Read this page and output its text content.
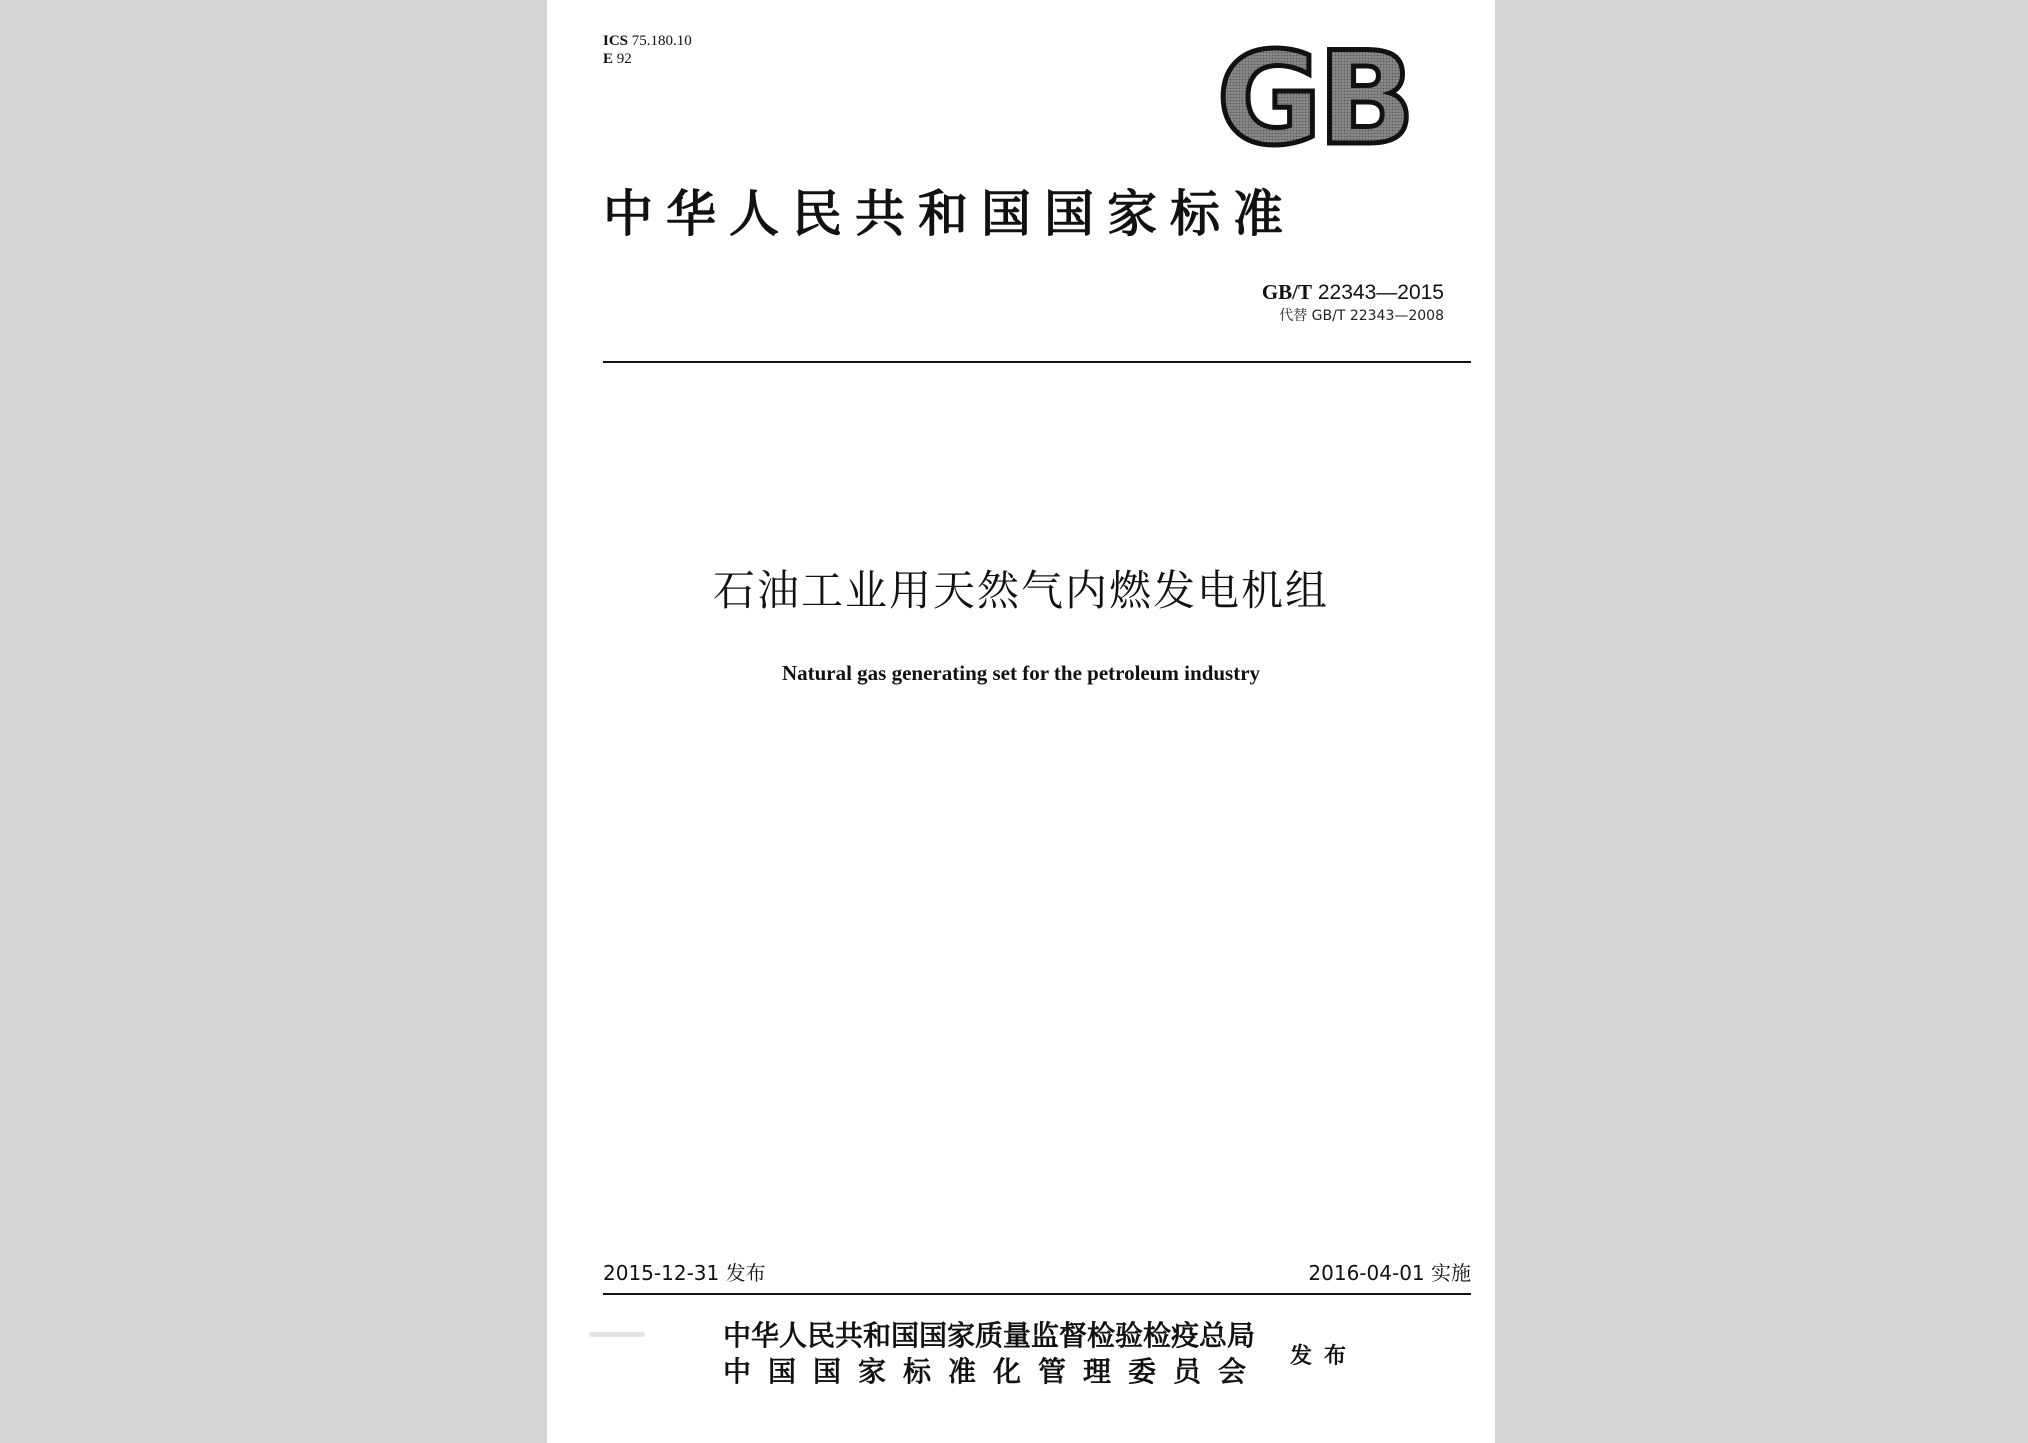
ICS 75.180.10
E 92	GB
中华人民共和国国家标准
GB/T 22343—2015
代替 GB/T 22343—2008
石油工业用天然气内燃发电机组
Natural gas generating set for the petroleum industry
2015-12-31 发布	2016-04-01 实施
中华人民共和国国家质量监督检验检疫总局
中国国家标准化管理委员会 发布
